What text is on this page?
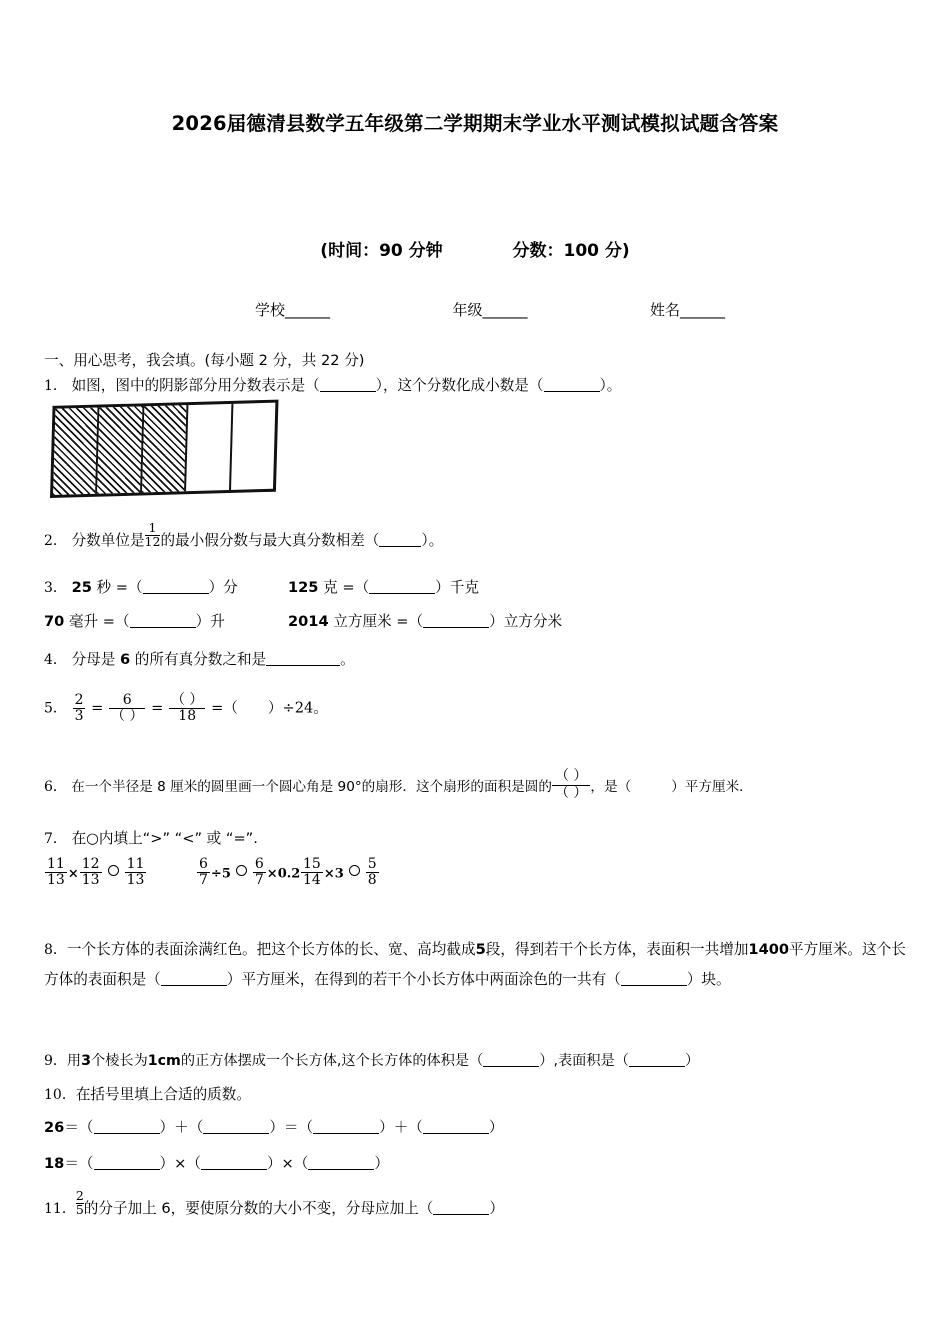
2026届德清县数学五年级第二学期期末学业水平测试模拟试题含答案
(时间：90 分钟	分数：100 分)
学校______	年级______	姓名______
一、用心思考，我会填。(每小题 2 分，共 22 分)
1． 如图，图中的阴影部分用分数表示是（	），这个分数化成小数是（	）。
2． 分数单位是 $\frac{1}{12}$ 的最小假分数与最大真分数相差（	）。
3． 25 秒 =（	）分	125 克 =（	）千克
70 毫升 =（	）升	2014 立方厘米 =（	）立方分米
4． 分母是 6 的所有真分数之和是	。
5． $\frac{2}{3} = \frac{6}{( )} = \frac{( )}{18}$ =（ ）÷24。
6． 在一个半径是 8 厘米的圆里画一个圆心角是 90°的扇形．这个扇形的面积是圆的 $\frac{( )}{( )}$ ，是（	）平方厘米．
7． 在○内填上“>” “<” 或 “=”.
$\frac{11}{13} \times \frac{12}{13} \frac{11}{13}$	$\frac{6}{7} \div 5 \frac{6}{7} \times 0.2 \frac{15}{14} \times 3 \frac{5}{8}$
8．一个长方体的表面涂满红色。把这个长方体的长、宽、高均截成5段，得到若干个长方体，表面积一共增加1400平方厘米。这个长方体的表面积是（	）平方厘米，在得到的若干个小长方体中两面涂色的一共有（	）块。
9．用3个棱长为1cm的正方体摆成一个长方体,这个长方体的体积是（	）,表面积是（	）
10．在括号里填上合适的质数。
26＝（	）＋（	）＝（	）＋（	）
18＝（	）×（	）×（	）
11． $\frac{2}{5}$ 的分子加上 6，要使原分数的大小不变，分母应加上（	）
